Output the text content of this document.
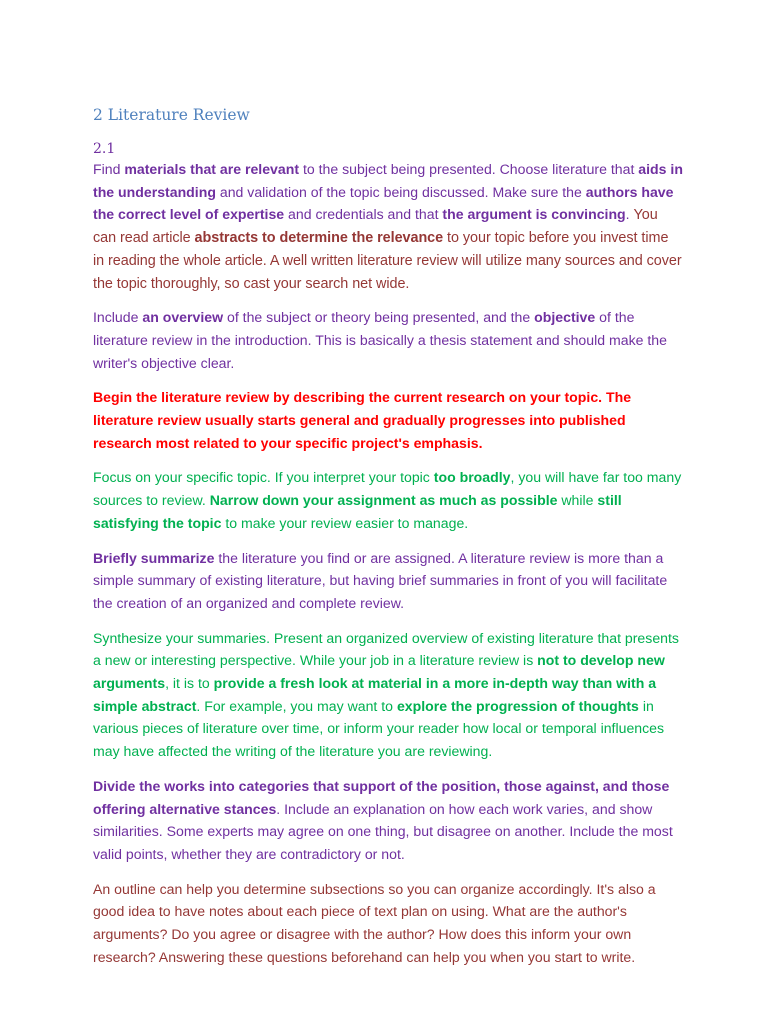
2 Literature Review
2.1

Find materials that are relevant to the subject being presented. Choose literature that aids in the understanding and validation of the topic being discussed. Make sure the authors have the correct level of expertise and credentials and that the argument is convincing. You can read article abstracts to determine the relevance to your topic before you invest time in reading the whole article. A well written literature review will utilize many sources and cover the topic thoroughly, so cast your search net wide.

Include an overview of the subject or theory being presented, and the objective of the literature review in the introduction. This is basically a thesis statement and should make the writer's objective clear.

Begin the literature review by describing the current research on your topic. The literature review usually starts general and gradually progresses into published research most related to your specific project's emphasis.

Focus on your specific topic. If you interpret your topic too broadly, you will have far too many sources to review. Narrow down your assignment as much as possible while still satisfying the topic to make your review easier to manage.

Briefly summarize the literature you find or are assigned. A literature review is more than a simple summary of existing literature, but having brief summaries in front of you will facilitate the creation of an organized and complete review.

Synthesize your summaries. Present an organized overview of existing literature that presents a new or interesting perspective. While your job in a literature review is not to develop new arguments, it is to provide a fresh look at material in a more in-depth way than with a simple abstract. For example, you may want to explore the progression of thoughts in various pieces of literature over time, or inform your reader how local or temporal influences may have affected the writing of the literature you are reviewing.

Divide the works into categories that support of the position, those against, and those offering alternative stances. Include an explanation on how each work varies, and show similarities. Some experts may agree on one thing, but disagree on another. Include the most valid points, whether they are contradictory or not.

An outline can help you determine subsections so you can organize accordingly. It's also a good idea to have notes about each piece of text plan on using. What are the author's arguments? Do you agree or disagree with the author? How does this inform your own research? Answering these questions beforehand can help you when you start to write.
